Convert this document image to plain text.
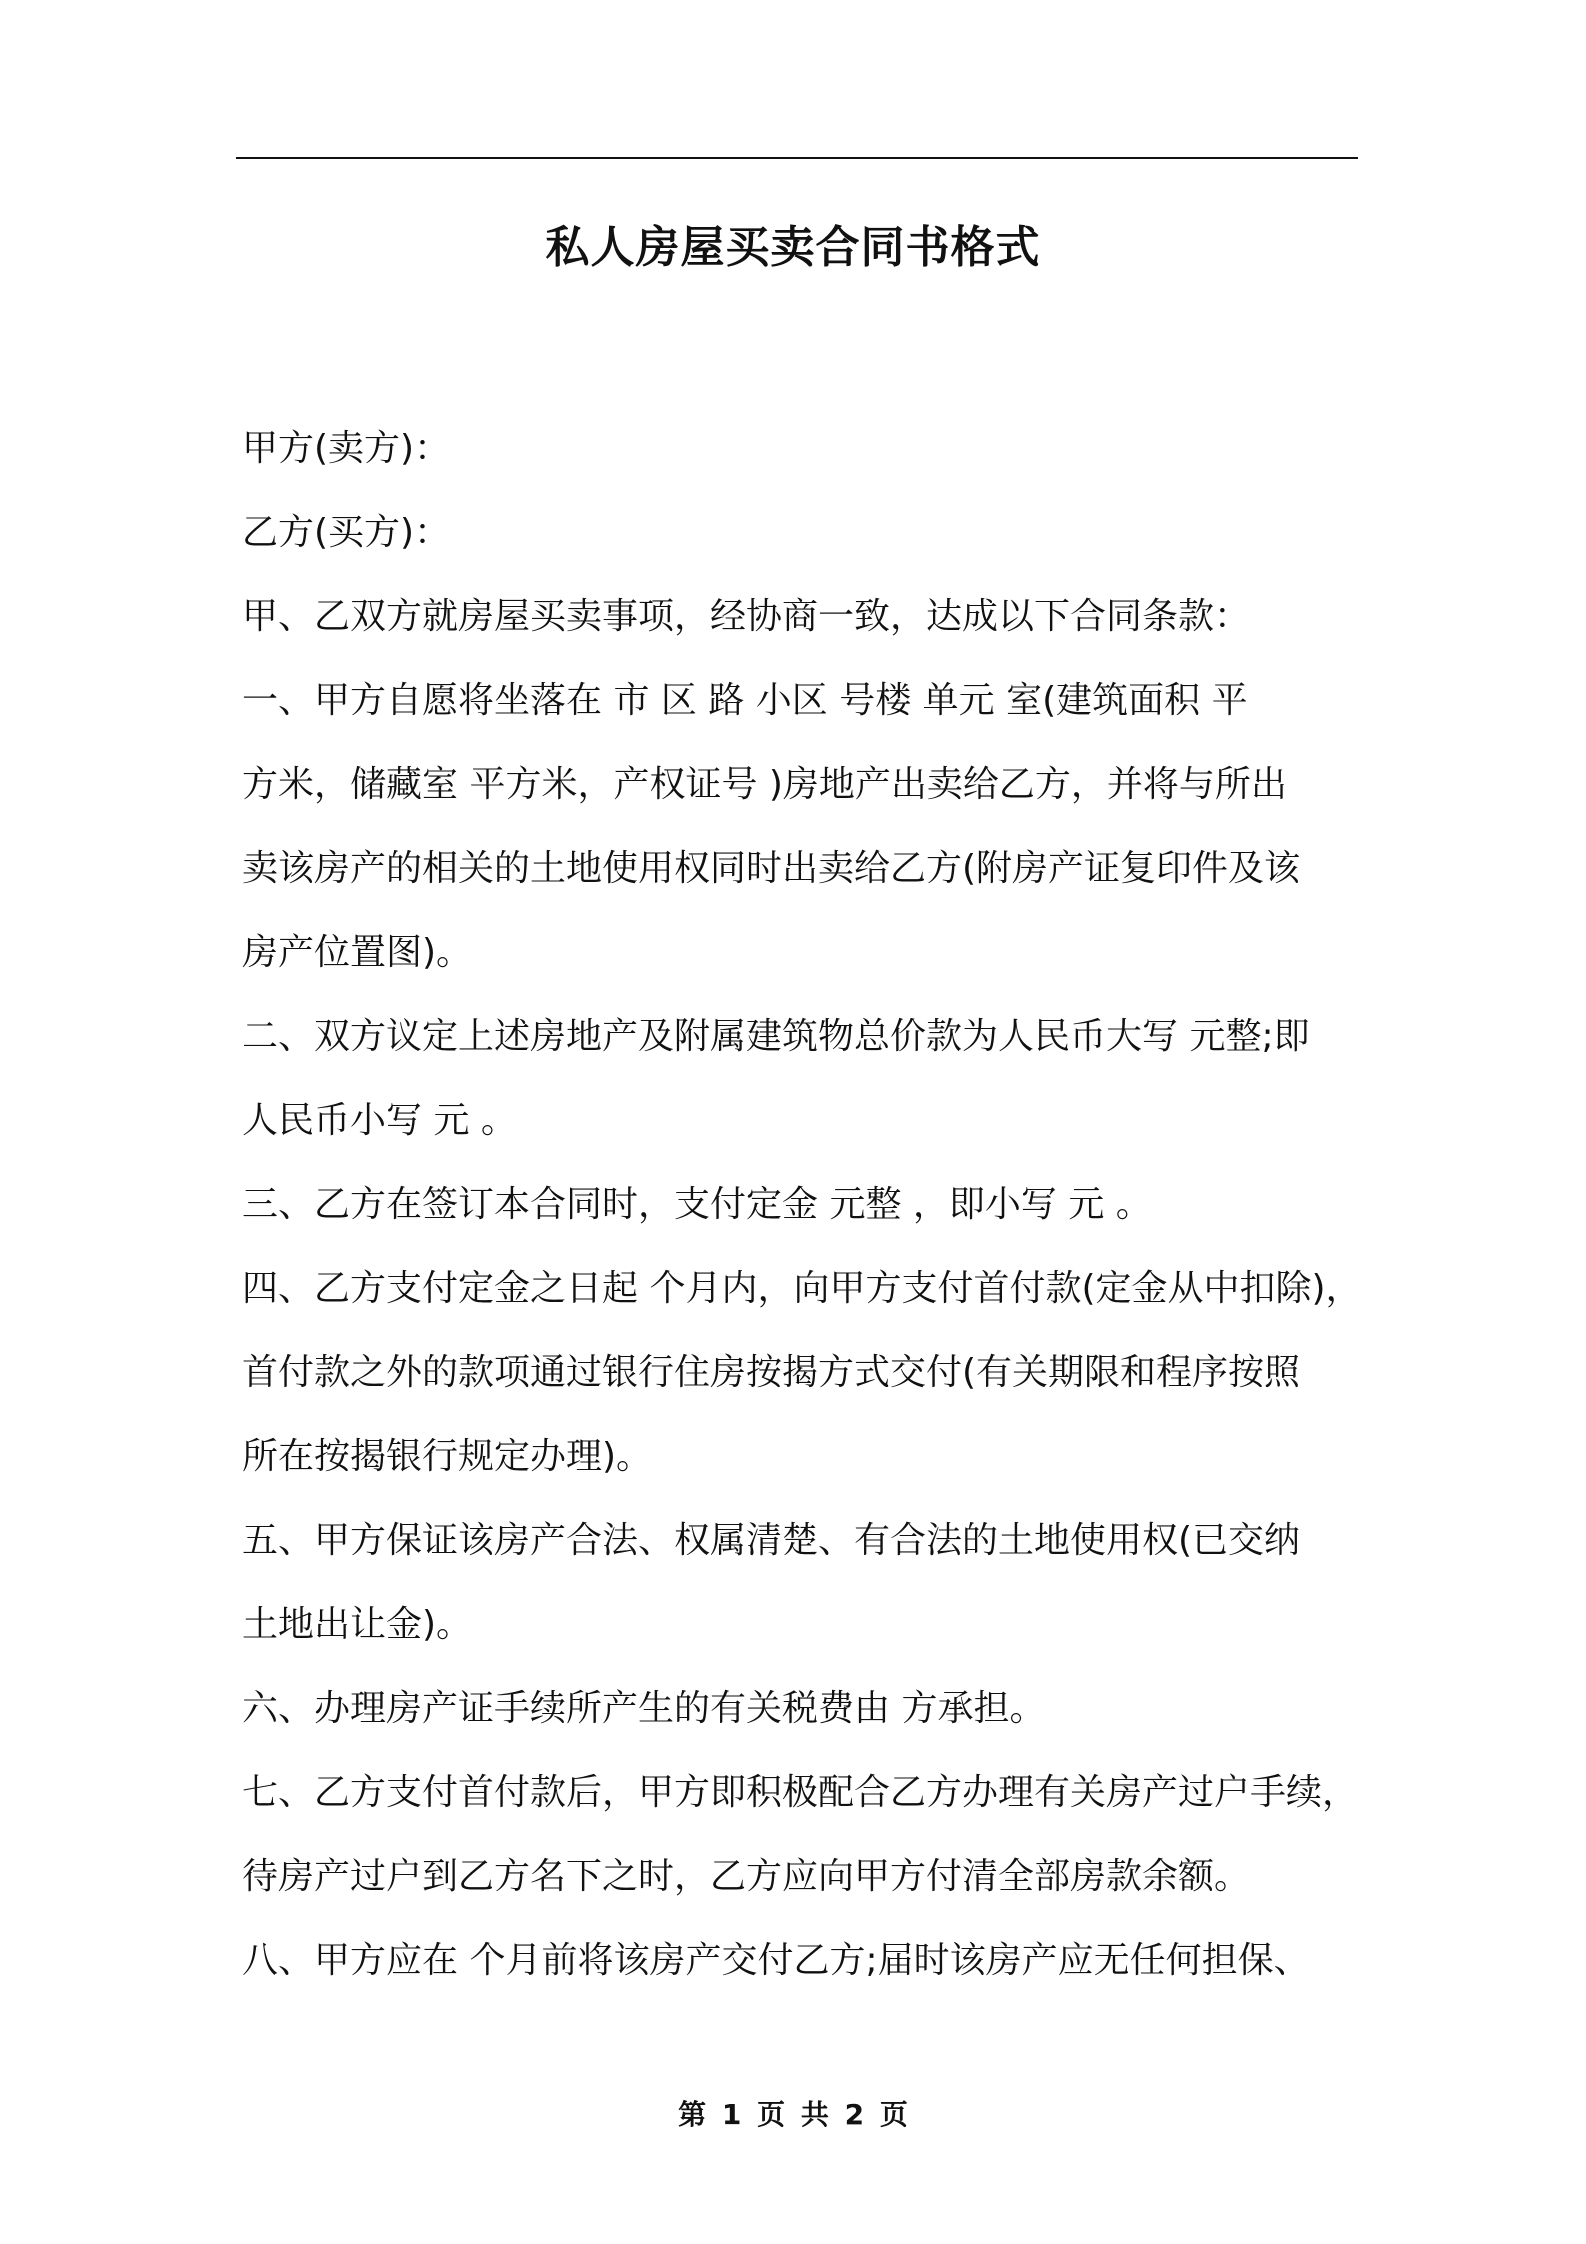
私人房屋买卖合同书格式

甲方(卖方)：

乙方(买方)：

甲、乙双方就房屋买卖事项，经协商一致，达成以下合同条款：

一、甲方自愿将坐落在 市 区 路 小区 号楼 单元 室(建筑面积 平
方米，储藏室 平方米，产权证号 )房地产出卖给乙方，并将与所出
卖该房产的相关的土地使用权同时出卖给乙方(附房产证复印件及该
房产位置图)。

二、双方议定上述房地产及附属建筑物总价款为人民币大写 元整;即
人民币小写 元 。

三、乙方在签订本合同时，支付定金 元整 ，即小写 元 。

四、乙方支付定金之日起 个月内，向甲方支付首付款(定金从中扣除)，
首付款之外的款项通过银行住房按揭方式交付(有关期限和程序按照
所在按揭银行规定办理)。

五、甲方保证该房产合法、权属清楚、有合法的土地使用权(已交纳
土地出让金)。

六、办理房产证手续所产生的有关税费由 方承担。

七、乙方支付首付款后，甲方即积极配合乙方办理有关房产过户手续，
待房产过户到乙方名下之时，乙方应向甲方付清全部房款余额。

八、甲方应在 个月前将该房产交付乙方;届时该房产应无任何担保、

第 1 页 共 2 页
